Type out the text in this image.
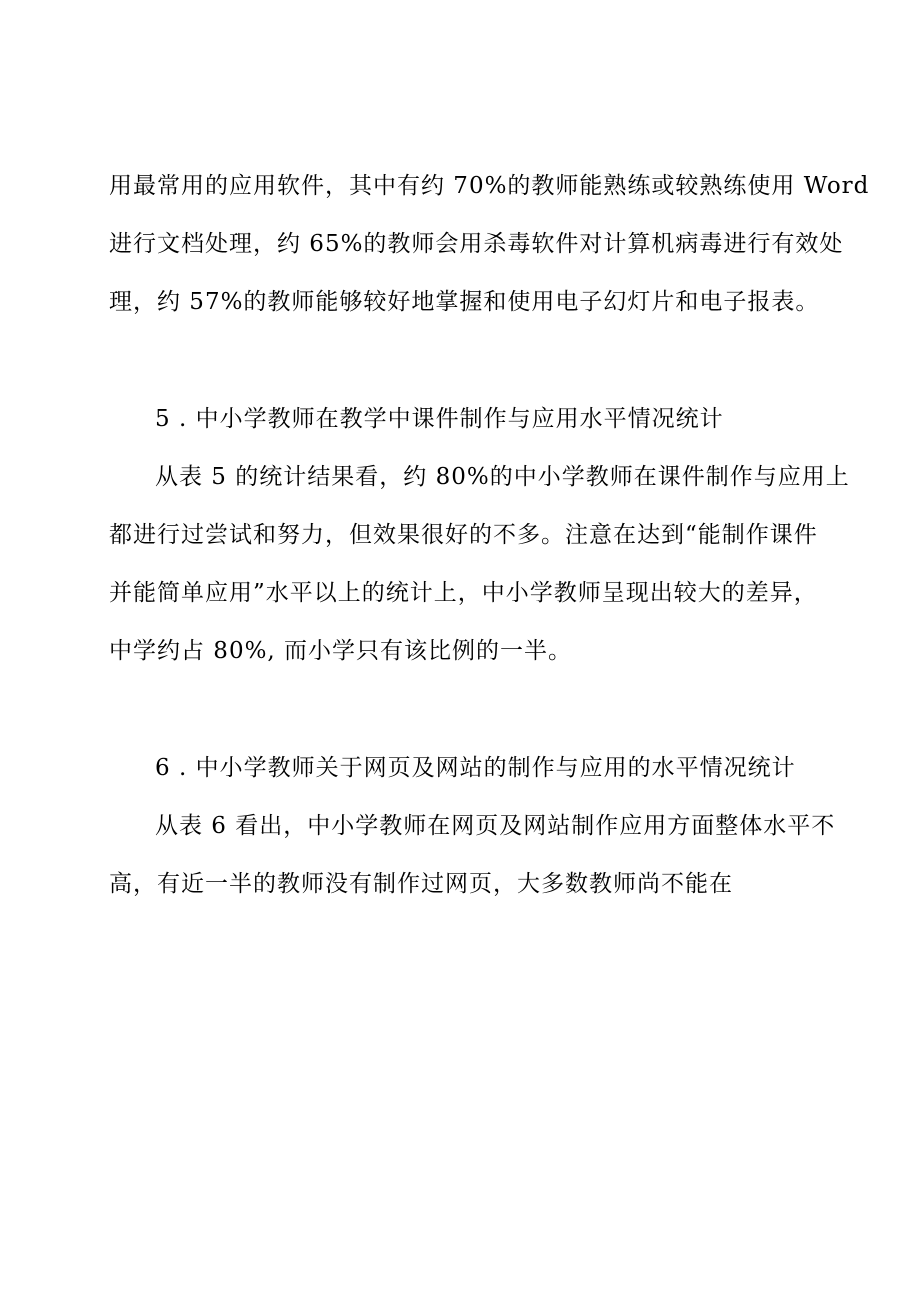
用最常用的应用软件，其中有约 70%的教师能熟练或较熟练使用 Word
进行文档处理，约 65%的教师会用杀毒软件对计算机病毒进行有效处
理，约 57%的教师能够较好地掌握和使用电子幻灯片和电子报表。
5 . 中小学教师在教学中课件制作与应用水平情况统计
从表 5 的统计结果看，约 80%的中小学教师在课件制作与应用上
都进行过尝试和努力，但效果很好的不多。注意在达到“能制作课件
并能简单应用”水平以上的统计上，中小学教师呈现出较大的差异，
中学约占 80%, 而小学只有该比例的一半。
6 . 中小学教师关于网页及网站的制作与应用的水平情况统计
从表 6 看出，中小学教师在网页及网站制作应用方面整体水平不
高，有近一半的教师没有制作过网页，大多数教师尚不能在
